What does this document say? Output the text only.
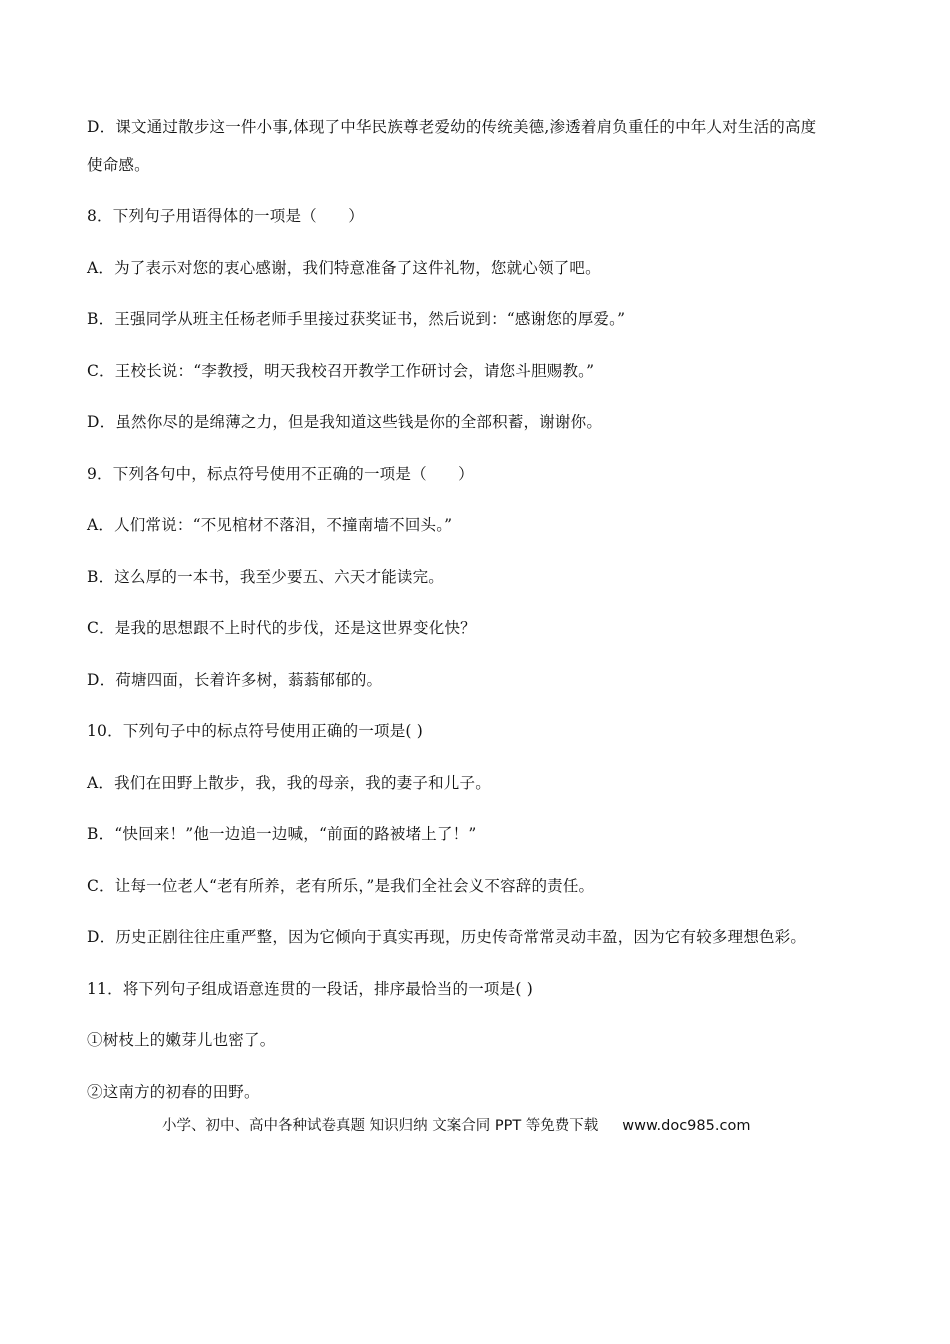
D．课文通过散步这一件小事,体现了中华民族尊老爱幼的传统美德,渗透着肩负重任的中年人对生活的高度
使命感。
8．下列句子用语得体的一项是（　　）
A．为了表示对您的衷心感谢，我们特意准备了这件礼物，您就心领了吧。
B．王强同学从班主任杨老师手里接过获奖证书，然后说到：“感谢您的厚爱。”
C．王校长说：“李教授，明天我校召开教学工作研讨会，请您斗胆赐教。”
D．虽然你尽的是绵薄之力，但是我知道这些钱是你的全部积蓄，谢谢你。
9．下列各句中，标点符号使用不正确的一项是（　　）
A．人们常说：“不见棺材不落泪，不撞南墙不回头。”
B．这么厚的一本书，我至少要五、六天才能读完。
C．是我的思想跟不上时代的步伐，还是这世界变化快？
D．荷塘四面，长着许多树，蓊蓊郁郁的。
10．下列句子中的标点符号使用正确的一项是( )
A．我们在田野上散步，我，我的母亲，我的妻子和儿子。
B．“快回来！”他一边追一边喊，“前面的路被堵上了！”
C．让每一位老人“老有所养，老有所乐，”是我们全社会义不容辞的责任。
D．历史正剧往往庄重严整，因为它倾向于真实再现，历史传奇常常灵动丰盈，因为它有较多理想色彩。
11．将下列句子组成语意连贯的一段话，排序最恰当的一项是( )
①树枝上的嫩芽儿也密了。
②这南方的初春的田野。
小学、初中、高中各种试卷真题 知识归纳 文案合同 PPT 等免费下载 www.doc985.com
